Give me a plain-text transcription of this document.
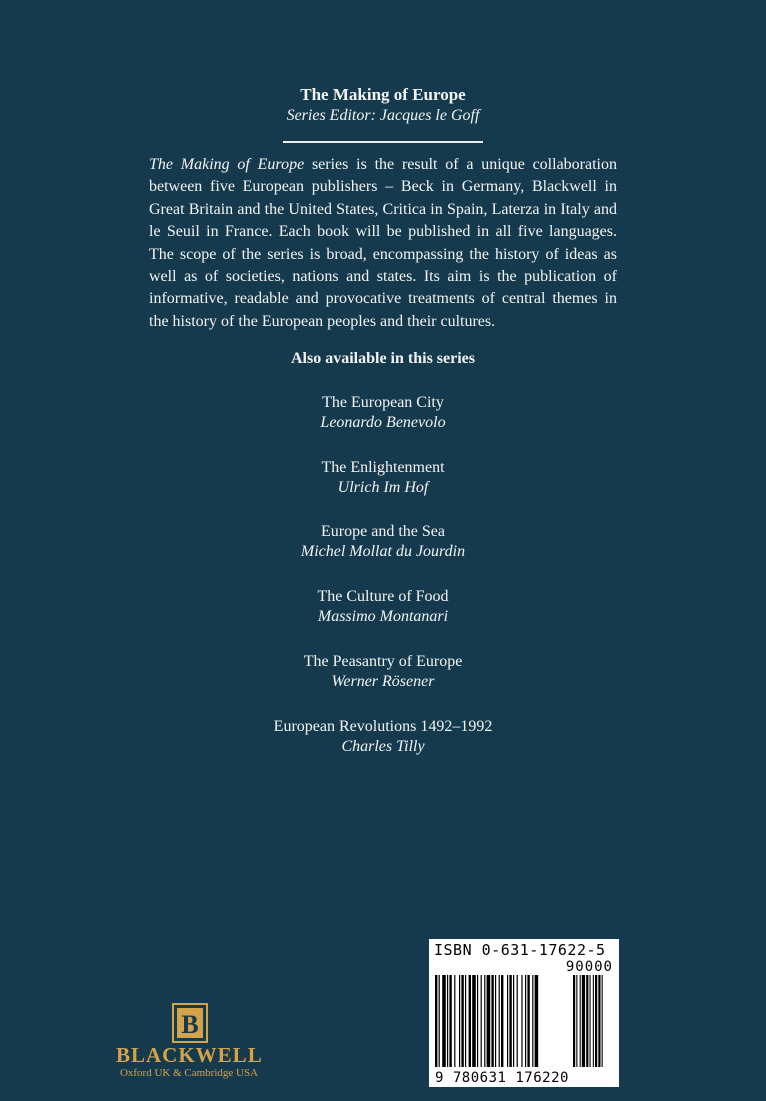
The Making of Europe
Series Editor: Jacques le Goff
The Making of Europe series is the result of a unique collaboration between five European publishers – Beck in Germany, Blackwell in Great Britain and the United States, Critica in Spain, Laterza in Italy and le Seuil in France. Each book will be published in all five languages. The scope of the series is broad, encompassing the history of ideas as well as of societies, nations and states. Its aim is the publication of informative, readable and provocative treatments of central themes in the history of the European peoples and their cultures.
Also available in this series
The European City
Leonardo Benevolo
The Enlightenment
Ulrich Im Hof
Europe and the Sea
Michel Mollat du Jourdin
The Culture of Food
Massimo Montanari
The Peasantry of Europe
Werner Rösener
European Revolutions 1492–1992
Charles Tilly
B
BLACKWELL
Oxford UK & Cambridge USA
ISBN 0-631-17622-5
90000
9 780631 176220
